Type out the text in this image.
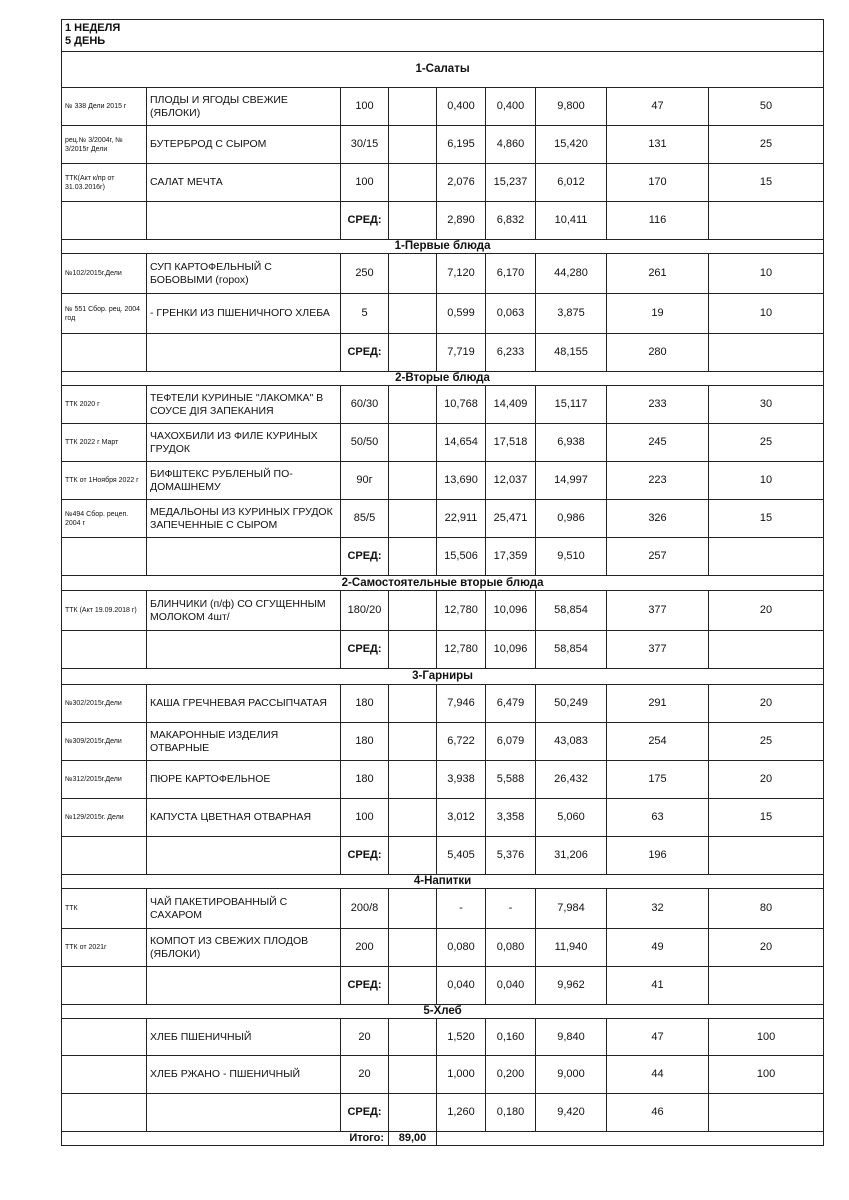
1 НЕДЕЛЯ
5 ДЕНЬ								

1-Салаты								
№ 338 Дели 2015 г	ПЛОДЫ И ЯГОДЫ СВЕЖИЕ (ЯБЛОКИ)	100		0,400	0,400	9,800	47	50
рец.№ 3/2004г, № 3/2015г Дели	БУТЕРБРОД С СЫРОМ	30/15		6,195	4,860	15,420	131	25
ТТК(Акт к/пр от 31.03.2016г)	САЛАТ МЕЧТА	100		2,076	15,237	6,012	170	15
		СРЕД:		2,890	6,832	10,411	116	
1-Первые блюда								
№102/2015г.Дели	СУП КАРТОФЕЛЬНЫЙ С БОБОВЫМИ (горох)	250		7,120	6,170	44,280	261	10
№ 551 Сбор. рец. 2004 год	- ГРЕНКИ ИЗ ПШЕНИЧНОГО ХЛЕБА	5		0,599	0,063	3,875	19	10
		СРЕД:		7,719	6,233	48,155	280	
2-Вторые блюда								
ТТК 2020 г	ТЕФТЕЛИ КУРИНЫЕ "ЛАКОМКА" В СОУСЕ ДIЯ ЗАПЕКАНИЯ	60/30		10,768	14,409	15,117	233	30
ТТК 2022 г Март	ЧАХОХБИЛИ ИЗ ФИЛЕ КУРИНЫХ ГРУДОК	50/50		14,654	17,518	6,938	245	25
ТТК от 1Ноября 2022 г	БИФШТЕКС РУБЛЕНЫЙ ПО-ДОМАШНЕМУ	90г		13,690	12,037	14,997	223	10
№494 Сбор. рецеп. 2004 г	МЕДАЛЬОНЫ ИЗ КУРИНЫХ ГРУДОК ЗАПЕЧЕННЫЕ С СЫРОМ	85/5		22,911	25,471	0,986	326	15
		СРЕД:		15,506	17,359	9,510	257	
2-Самостоятельные вторые блюда								
ТТК (Акт 19.09.2018 г)	БЛИНЧИКИ (п/ф) СО СГУЩЕННЫМ МОЛОКОМ 4шт/	180/20		12,780	10,096	58,854	377	20
		СРЕД:		12,780	10,096	58,854	377	
3-Гарниры								
№302/2015г.Дели	КАША ГРЕЧНЕВАЯ РАССЫПЧАТАЯ	180		7,946	6,479	50,249	291	20
№309/2015г.Дели	МАКАРОННЫЕ ИЗДЕЛИЯ ОТВАРНЫЕ	180		6,722	6,079	43,083	254	25
№312/2015г.Дели	ПЮРЕ КАРТОФЕЛЬНОЕ	180		3,938	5,588	26,432	175	20
№129/2015г. Дели	КАПУСТА ЦВЕТНАЯ ОТВАРНАЯ	100		3,012	3,358	5,060	63	15
		СРЕД:		5,405	5,376	31,206	196	
4-Напитки								
ТТК	ЧАЙ ПАКЕТИРОВАННЫЙ С САХАРОМ	200/8		-	-	7,984	32	80
ТТК от 2021г	КОМПОТ ИЗ СВЕЖИХ ПЛОДОВ (ЯБЛОКИ)	200		0,080	0,080	11,940	49	20
		СРЕД:		0,040	0,040	9,962	41	
5-Хлеб								
	ХЛЕБ ПШЕНИЧНЫЙ	20		1,520	0,160	9,840	47	100
	ХЛЕБ РЖАНО - ПШЕНИЧНЫЙ	20		1,000	0,200	9,000	44	100
		СРЕД:		1,260	0,180	9,420	46	
	Итого:		89,00					
